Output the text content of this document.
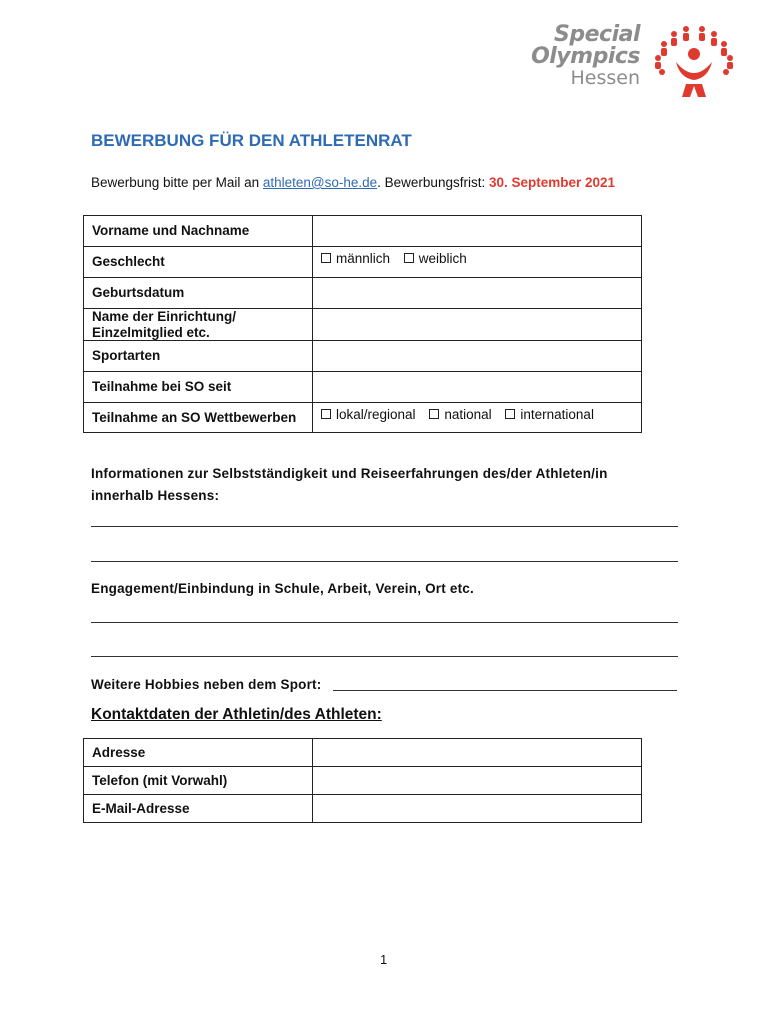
Special
Olympics
Hessen
BEWERBUNG FÜR DEN ATHLETENRAT
Bewerbung bitte per Mail an athleten@so-he.de. Bewerbungsfrist: 30. September 2021
Vorname und Nachname	
Geschlecht	männlich weiblich
Geburtsdatum	
Name der Einrichtung/ Einzelmitglied etc.	
Sportarten	
Teilnahme bei SO seit	
Teilnahme an SO Wettbewerben	lokal/regional national international
Informationen zur Selbstständigkeit und Reiseerfahrungen des/der Athleten/in innerhalb Hessens:
Engagement/Einbindung in Schule, Arbeit, Verein, Ort etc.
Weitere Hobbies neben dem Sport:
Kontaktdaten der Athletin/des Athleten:
Adresse	
Telefon (mit Vorwahl)	
E-Mail-Adresse	
1
